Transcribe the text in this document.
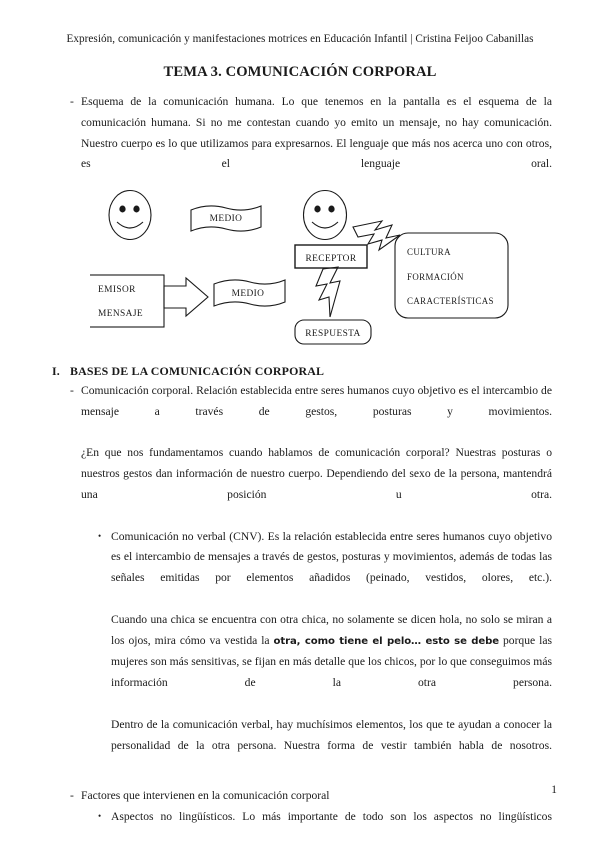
Expresión, comunicación y manifestaciones motrices en Educación Infantil | Cristina Feijoo Cabanillas
TEMA 3. COMUNICACIÓN CORPORAL

- Esquema de la comunicación humana. Lo que tenemos en la pantalla es el esquema de la comunicación humana. Si no me contestan cuando yo emito un mensaje, no hay comunicación. Nuestro cuerpo es lo que utilizamos para expresarnos. El lenguaje que más nos acerca uno con otros, es el lenguaje oral.

MEDIO
EMISOR
MENSAJE
MEDIO
RECEPTOR
RESPUESTA
CULTURA
FORMACIÓN
CARACTERÍSTICAS
I. BASES DE LA COMUNICACIÓN CORPORAL

- Comunicación corporal. Relación establecida entre seres humanos cuyo objetivo es el intercambio de mensaje a través de gestos, posturas y movimientos.

¿En que nos fundamentamos cuando hablamos de comunicación corporal? Nuestras posturas o nuestros gestos dan información de nuestro cuerpo. Dependiendo del sexo de la persona, mantendrá una posición u otra.

• Comunicación no verbal (CNV). Es la relación establecida entre seres humanos cuyo objetivo es el intercambio de mensajes a través de gestos, posturas y movimientos, además de todas las señales emitidas por elementos añadidos (peinado, vestidos, olores, etc.).

Cuando una chica se encuentra con otra chica, no solamente se dicen hola, no solo se miran a los ojos, mira cómo va vestida la otra, como tiene el pelo… esto se debe porque las mujeres son más sensitivas, se fijan en más detalle que los chicos, por lo que conseguimos más información de la otra persona.

Dentro de la comunicación verbal, hay muchísimos elementos, los que te ayudan a conocer la personalidad de la otra persona. Nuestra forma de vestir también habla de nosotros.

- Factores que intervienen en la comunicación corporal

• Aspectos no lingüísticos. Lo más importante de todo son los aspectos no lingüísticos

1
